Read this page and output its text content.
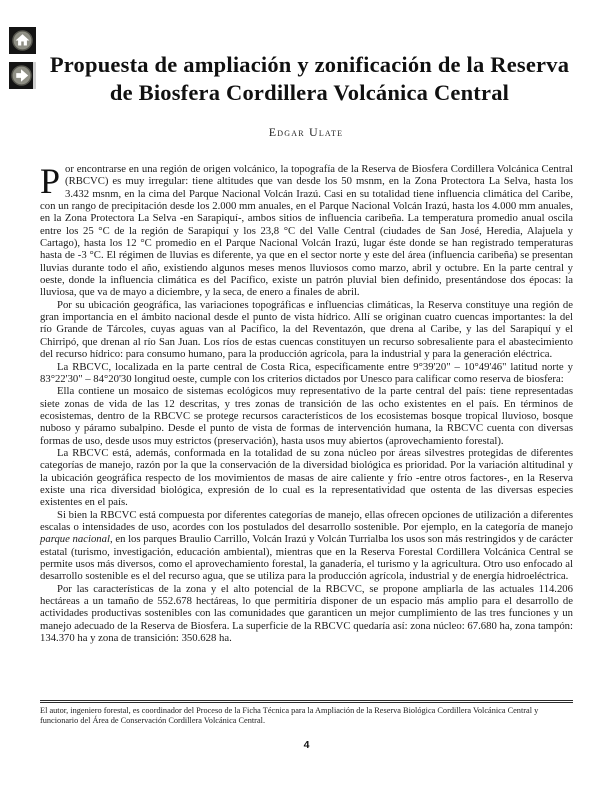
Propuesta de ampliación y zonificación de la Reserva
de Biosfera Cordillera Volcánica Central
Edgar Ulate

Por encontrarse en una región de origen volcánico, la topografía de la Reserva de Biosfera Cordillera Volcánica Central (RBCVC) es muy irregular: tiene altitudes que van desde los 50 msnm, en la Zona Protectora La Selva, hasta los 3.432 msnm, en la cima del Parque Nacional Volcán Irazú. Casi en su totalidad tiene influencia climática del Caribe, con un rango de precipitación desde los 2.000 mm anuales, en el Parque Nacional Volcán Irazú, hasta los 4.000 mm anuales, en la Zona Protectora La Selva -en Sarapiquí-, ambos sitios de influencia caribeña. La temperatura promedio anual oscila entre los 25 °C de la región de Sarapiquí y los 23,8 °C del Valle Central (ciudades de San José, Heredia, Alajuela y Cartago), hasta los 12 °C promedio en el Parque Nacional Volcán Irazú, lugar éste donde se han registrado temperaturas hasta de -3 °C. El régimen de lluvias es diferente, ya que en el sector norte y este del área (influencia caribeña) se presentan lluvias durante todo el año, existiendo algunos meses menos lluviosos como marzo, abril y octubre. En la parte central y oeste, donde la influencia climática es del Pacífico, existe un patrón pluvial bien definido, presentándose dos épocas: la lluviosa, que va de mayo a diciembre, y la seca, de enero a finales de abril.

Por su ubicación geográfica, las variaciones topográficas e influencias climáticas, la Reserva constituye una región de gran importancia en el ámbito nacional desde el punto de vista hídrico. Allí se originan cuatro cuencas importantes: la del río Grande de Tárcoles, cuyas aguas van al Pacífico, la del Reventazón, que drena al Caribe, y las del Sarapiquí y el Chirripó, que drenan al río San Juan. Los ríos de estas cuencas constituyen un recurso sobresaliente para el abastecimiento del recurso hídrico: para consumo humano, para la producción agrícola, para la industrial y para la generación eléctrica.

La RBCVC, localizada en la parte central de Costa Rica, específicamente entre 9°39'20" – 10°49'46" latitud norte y 83°22'30" – 84°20'30 longitud oeste, cumple con los criterios dictados por Unesco para calificar como reserva de biosfera:

Ella contiene un mosaico de sistemas ecológicos muy representativo de la parte central del país: tiene representadas siete zonas de vida de las 12 descritas, y tres zonas de transición de las ocho existentes en el país. En términos de ecosistemas, dentro de la RBCVC se protege recursos característicos de los ecosistemas bosque tropical lluvioso, bosque nuboso y páramo subalpino. Desde el punto de vista de formas de intervención humana, la RBCVC cuenta con diversas formas de uso, desde usos muy estrictos (preservación), hasta usos muy abiertos (aprovechamiento forestal).

La RBCVC está, además, conformada en la totalidad de su zona núcleo por áreas silvestres protegidas de diferentes categorías de manejo, razón por la que la conservación de la diversidad biológica es prioridad. Por la variación altitudinal y la ubicación geográfica respecto de los movimientos de masas de aire caliente y frío -entre otros factores-, en la Reserva existe una rica diversidad biológica, expresión de lo cual es la representatividad que ostenta de las diversas especies existentes en el país.

Si bien la RBCVC está compuesta por diferentes categorías de manejo, ellas ofrecen opciones de utilización a diferentes escalas o intensidades de uso, acordes con los postulados del desarrollo sostenible. Por ejemplo, en la categoría de manejo parque nacional, en los parques Braulio Carrillo, Volcán Irazú y Volcán Turrialba los usos son más restringidos y de carácter estatal (turismo, investigación, educación ambiental), mientras que en la Reserva Forestal Cordillera Volcánica Central se permite usos más diversos, como el aprovechamiento forestal, la ganadería, el turismo y la agricultura. Otro uso enfocado al desarrollo sostenible es el del recurso agua, que se utiliza para la producción agrícola, industrial y de energía hidroeléctrica.

Por las características de la zona y el alto potencial de la RBCVC, se propone ampliarla de las actuales 114.206 hectáreas a un tamaño de 552.678 hectáreas, lo que permitiría disponer de un espacio más amplio para el desarrollo de actividades productivas sostenibles con las comunidades que garanticen un mejor cumplimiento de las tres funciones y un manejo adecuado de la Reserva de Biosfera. La superficie de la RBCVC quedaría así: zona núcleo: 67.680 ha, zona tampón: 134.370 ha y zona de transición: 350.628 ha.

El autor, ingeniero forestal, es coordinador del Proceso de la Ficha Técnica para la Ampliación de la Reserva Biológica Cordillera Volcánica Central y funcionario del Área de Conservación Cordillera Volcánica Central.
4
